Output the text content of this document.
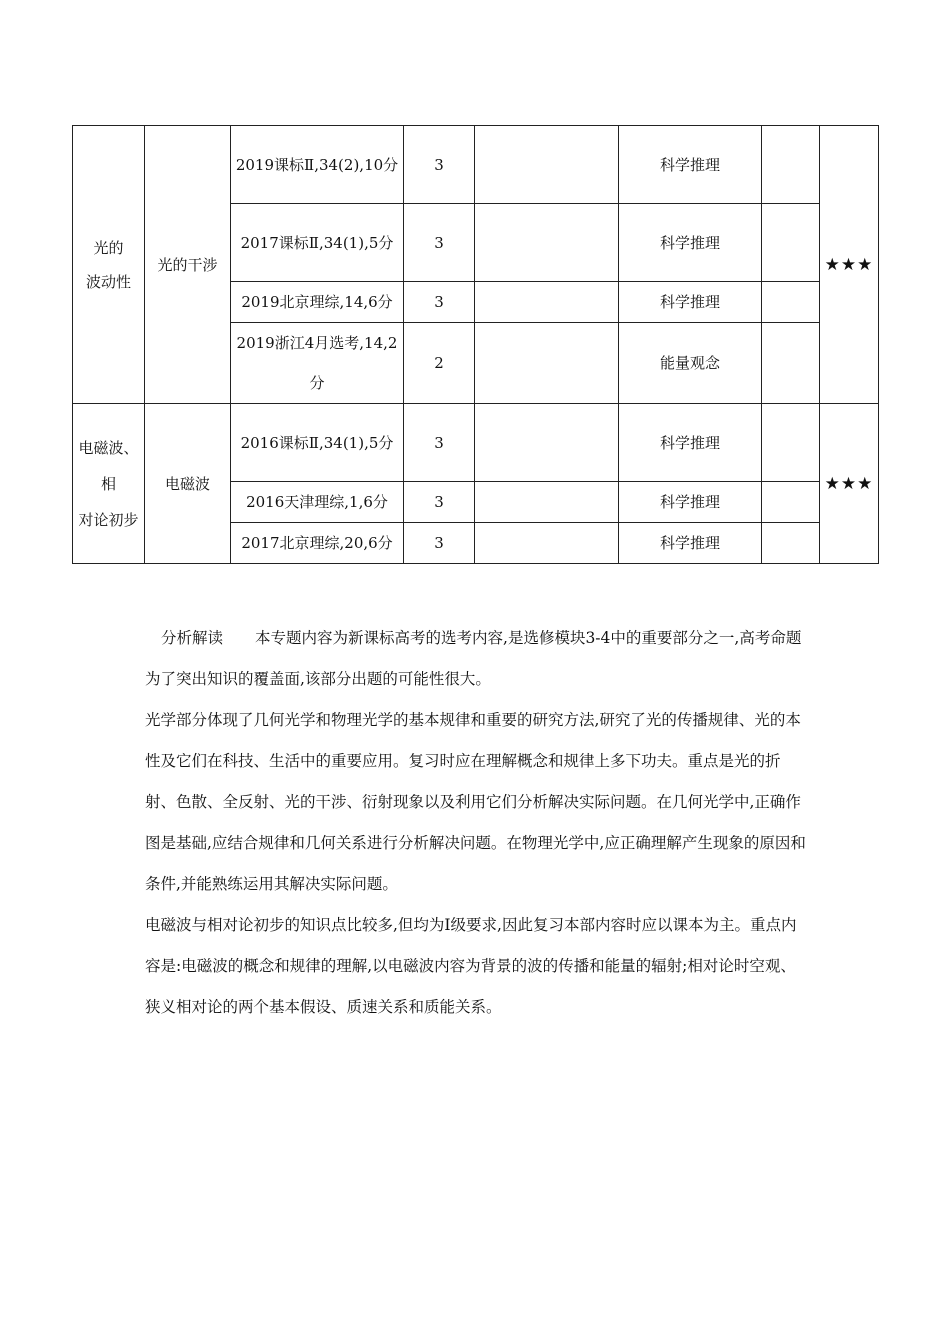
光的
波动性	光的干涉	2019课标Ⅱ,34(2),10分	3		科学推理		★★★
		2017课标Ⅱ,34(1),5分	3		科学推理		
		2019北京理综,14,6分	3		科学推理		
		2019浙江4月选考,14,2分	2		能量观念		
电磁波、相
对论初步	电磁波	2016课标Ⅱ,34(1),5分	3		科学推理		★★★
		2016天津理综,1,6分	3		科学推理		
		2017北京理综,20,6分	3		科学推理		

分析解读 本专题内容为新课标高考的选考内容,是选修模块3-4中的重要部分之一,高考命题为了突出知识的覆盖面,该部分出题的可能性很大。

光学部分体现了几何光学和物理光学的基本规律和重要的研究方法,研究了光的传播规律、光的本性及它们在科技、生活中的重要应用。复习时应在理解概念和规律上多下功夫。重点是光的折射、色散、全反射、光的干涉、衍射现象以及利用它们分析解决实际问题。在几何光学中,正确作图是基础,应结合规律和几何关系进行分析解决问题。在物理光学中,应正确理解产生现象的原因和条件,并能熟练运用其解决实际问题。

电磁波与相对论初步的知识点比较多,但均为Ⅰ级要求,因此复习本部内容时应以课本为主。重点内容是:电磁波的概念和规律的理解,以电磁波内容为背景的波的传播和能量的辐射;相对论时空观、狭义相对论的两个基本假设、质速关系和质能关系。
